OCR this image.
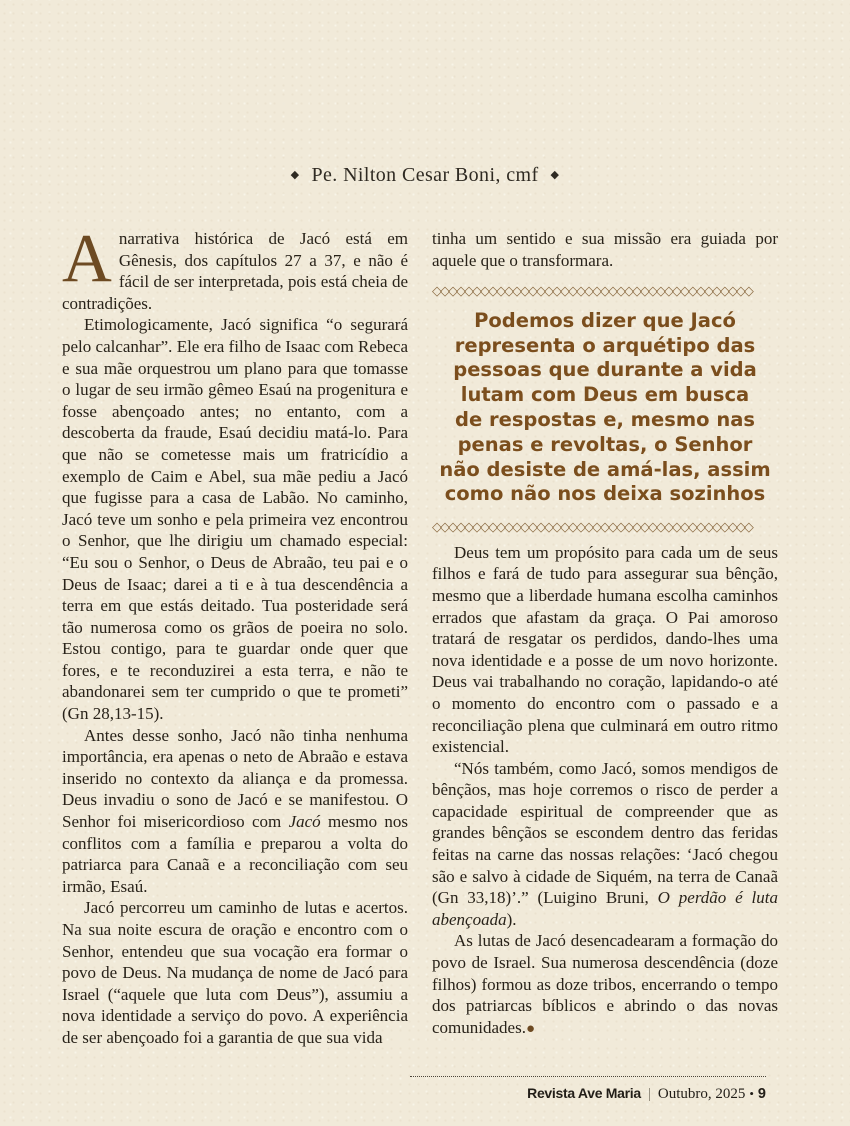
◆ Pe. Nilton Cesar Boni, cmf ◆

Anarrativa histórica de Jacó está em Gênesis, dos capítulos 27 a 37, e não é fácil de ser interpretada, pois está cheia de contradições.

Etimologicamente, Jacó significa “o segurará pelo calcanhar”. Ele era filho de Isaac com Rebeca e sua mãe orquestrou um plano para que tomasse o lugar de seu irmão gêmeo Esaú na progenitura e fosse abençoado antes; no entanto, com a descoberta da fraude, Esaú decidiu matá-lo. Para que não se cometesse mais um fratricídio a exemplo de Caim e Abel, sua mãe pediu a Jacó que fugisse para a casa de Labão. No caminho, Jacó teve um sonho e pela primeira vez encontrou o Senhor, que lhe dirigiu um chamado especial: “Eu sou o Senhor, o Deus de Abraão, teu pai e o Deus de Isaac; darei a ti e à tua descendência a terra em que estás deitado. Tua posteridade será tão numerosa como os grãos de poeira no solo. Estou contigo, para te guardar onde quer que fores, e te reconduzirei a esta terra, e não te abandonarei sem ter cumprido o que te prometi” (Gn 28,13-15).

Antes desse sonho, Jacó não tinha nenhuma importância, era apenas o neto de Abraão e estava inserido no contexto da aliança e da promessa. Deus invadiu o sono de Jacó e se manifestou. O Senhor foi misericordioso com Jacó mesmo nos conflitos com a família e preparou a volta do patriarca para Canaã e a reconciliação com seu irmão, Esaú.

Jacó percorreu um caminho de lutas e acertos. Na sua noite escura de oração e encontro com o Senhor, entendeu que sua vocação era formar o povo de Deus. Na mudança de nome de Jacó para Israel (“aquele que luta com Deus”), assumiu a nova identidade a serviço do povo. A experiência de ser abençoado foi a garantia de que sua vida

tinha um sentido e sua missão era guiada por aquele que o transformara.

◇◇◇◇◇◇◇◇◇◇◇◇◇◇◇◇◇◇◇◇◇◇◇◇◇◇◇◇◇◇◇◇◇◇◇◇◇◇◇◇
Podemos dizer que Jacó
representa o arquétipo das
pessoas que durante a vida
lutam com Deus em busca
de respostas e, mesmo nas
penas e revoltas, o Senhor
não desiste de amá-las, assim
como não nos deixa sozinhos
◇◇◇◇◇◇◇◇◇◇◇◇◇◇◇◇◇◇◇◇◇◇◇◇◇◇◇◇◇◇◇◇◇◇◇◇◇◇◇◇

Deus tem um propósito para cada um de seus filhos e fará de tudo para assegurar sua bênção, mesmo que a liberdade humana escolha caminhos errados que afastam da graça. O Pai amoroso tratará de resgatar os perdidos, dando-lhes uma nova identidade e a posse de um novo horizonte. Deus vai trabalhando no coração, lapidando-o até o momento do encontro com o passado e a reconciliação plena que culminará em outro ritmo existencial.

“Nós também, como Jacó, somos mendigos de bênçãos, mas hoje corremos o risco de perder a capacidade espiritual de compreender que as grandes bênçãos se escondem dentro das feridas feitas na carne das nossas relações: ‘Jacó chegou são e salvo à cidade de Siquém, na terra de Canaã (Gn 33,18)’.” (Luigino Bruni, O perdão é luta abençoada).

As lutas de Jacó desencadearam a formação do povo de Israel. Sua numerosa descendência (doze filhos) formou as doze tribos, encerrando o tempo dos patriarcas bíblicos e abrindo o das novas comunidades.●

Revista Ave Maria | Outubro, 2025 • 9
